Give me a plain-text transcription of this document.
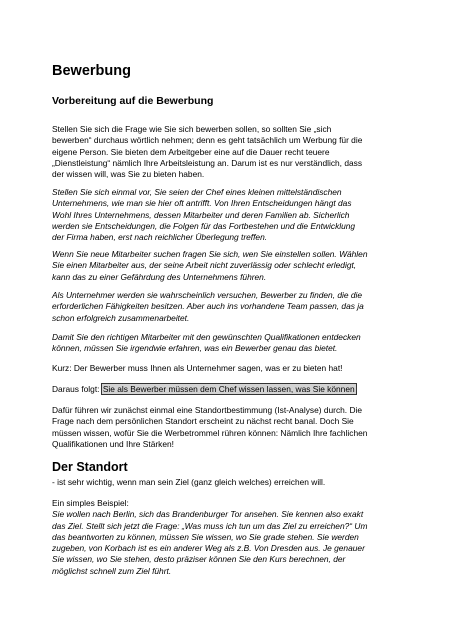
Bewerbung
Vorbereitung auf die Bewerbung

Stellen Sie sich die Frage wie Sie sich bewerben sollen, so sollten Sie „sich
bewerben“ durchaus wörtlich nehmen; denn es geht tatsächlich um Werbung für die
eigene Person. Sie bieten dem Arbeitgeber eine auf die Dauer recht teuere
„Dienstleistung“ nämlich Ihre Arbeitsleistung an. Darum ist es nur verständlich, dass
der wissen will, was Sie zu bieten haben.

Stellen Sie sich einmal vor, Sie seien der Chef eines kleinen mittelständischen
Unternehmens, wie man sie hier oft antrifft. Von Ihren Entscheidungen hängt das
Wohl Ihres Unternehmens, dessen Mitarbeiter und deren Familien ab. Sicherlich
werden sie Entscheidungen, die Folgen für das Fortbestehen und die Entwicklung
der Firma haben, erst nach reichlicher Überlegung treffen.

Wenn Sie neue Mitarbeiter suchen fragen Sie sich, wen Sie einstellen sollen. Wählen
Sie einen Mitarbeiter aus, der seine Arbeit nicht zuverlässig oder schlecht erledigt,
kann das zu einer Gefährdung des Unternehmens führen.

Als Unternehmer werden sie wahrscheinlich versuchen, Bewerber zu finden, die die
erforderlichen Fähigkeiten besitzen. Aber auch ins vorhandene Team passen, das ja
schon erfolgreich zusammenarbeitet.

Damit Sie den richtigen Mitarbeiter mit den gewünschten Qualifikationen entdecken
können, müssen Sie irgendwie erfahren, was ein Bewerber genau das bietet.

Kurz: Der Bewerber muss Ihnen als Unternehmer sagen, was er zu bieten hat!

Daraus folgt: Sie als Bewerber müssen dem Chef wissen lassen, was Sie können

Dafür führen wir zunächst einmal eine Standortbestimmung (Ist-Analyse) durch. Die
Frage nach dem persönlichen Standort erscheint zu nächst recht banal. Doch Sie
müssen wissen, wofür Sie die Werbetrommel rühren können: Nämlich Ihre fachlichen
Qualifikationen und Ihre Stärken!

Der Standort

- ist sehr wichtig, wenn man sein Ziel (ganz gleich welches) erreichen will.

Ein simples Beispiel:
Sie wollen nach Berlin, sich das Brandenburger Tor ansehen. Sie kennen also exakt
das Ziel. Stellt sich jetzt die Frage: „Was muss ich tun um das Ziel zu erreichen?“ Um
das beantworten zu können, müssen Sie wissen, wo Sie grade stehen. Sie werden
zugeben, von Korbach ist es ein anderer Weg als z.B. Von Dresden aus. Je genauer
Sie wissen, wo Sie stehen, desto präziser können Sie den Kurs berechnen, der
möglichst schnell zum Ziel führt.
